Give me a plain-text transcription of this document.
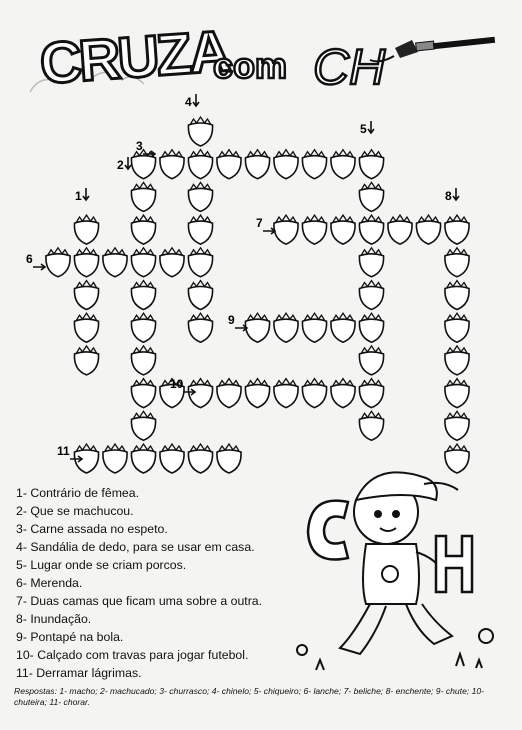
CRUZA
com CH
1
2
3
4
5
6
7
8
9
10
11
1- Contrário de fêmea.
2- Que se machucou.
3- Carne assada no espeto.
4- Sandália de dedo, para se usar em casa.
5- Lugar onde se criam porcos.
6- Merenda.
7- Duas camas que ficam uma sobre a outra.
8- Inundação.
9- Pontapé na bola.
10- Calçado com travas para jogar futebol.
11- Derramar lágrimas.

Respostas: 1- macho; 2- machucado; 3- churrasco; 4- chinelo; 5- chiqueiro; 6- lanche; 7- beliche; 8- enchente; 9- chute; 10- chuteira; 11- chorar.
